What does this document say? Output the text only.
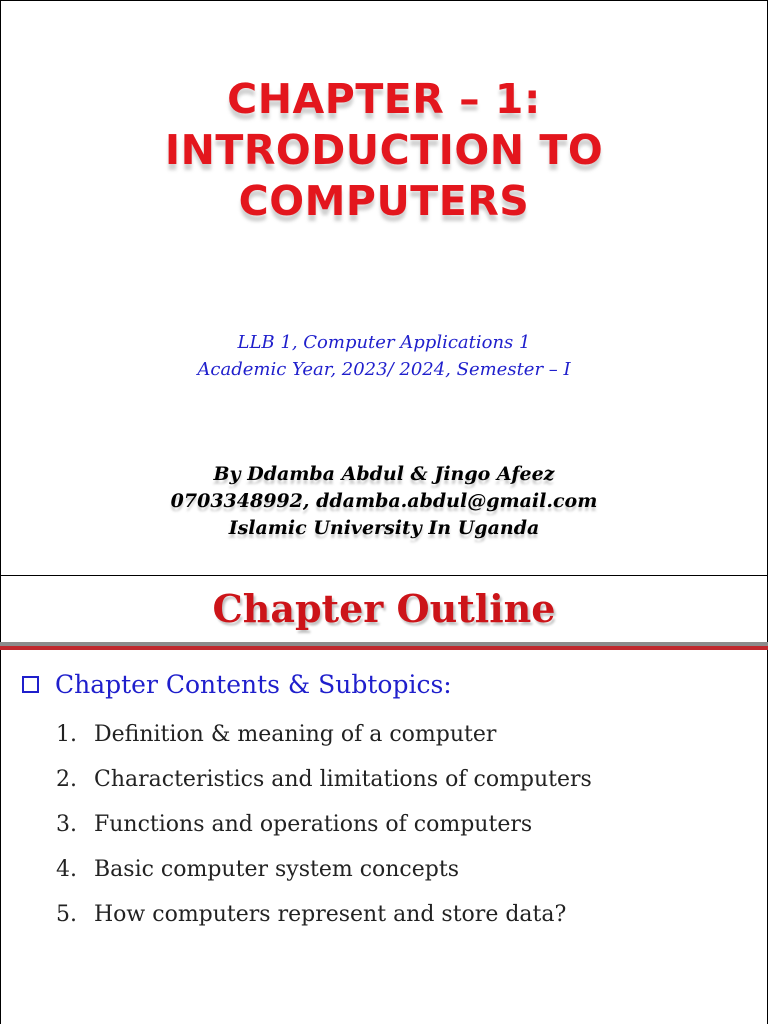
CHAPTER – 1:
INTRODUCTION TO
COMPUTERS
LLB 1, Computer Applications 1
Academic Year, 2023/ 2024, Semester – I
By Ddamba Abdul & Jingo Afeez
0703348992, ddamba.abdul@gmail.com
Islamic University In Uganda
Chapter Outline
Chapter Contents & Subtopics:
1. Definition & meaning of a computer
2. Characteristics and limitations of computers
3. Functions and operations of computers
4. Basic computer system concepts
5. How computers represent and store data?
